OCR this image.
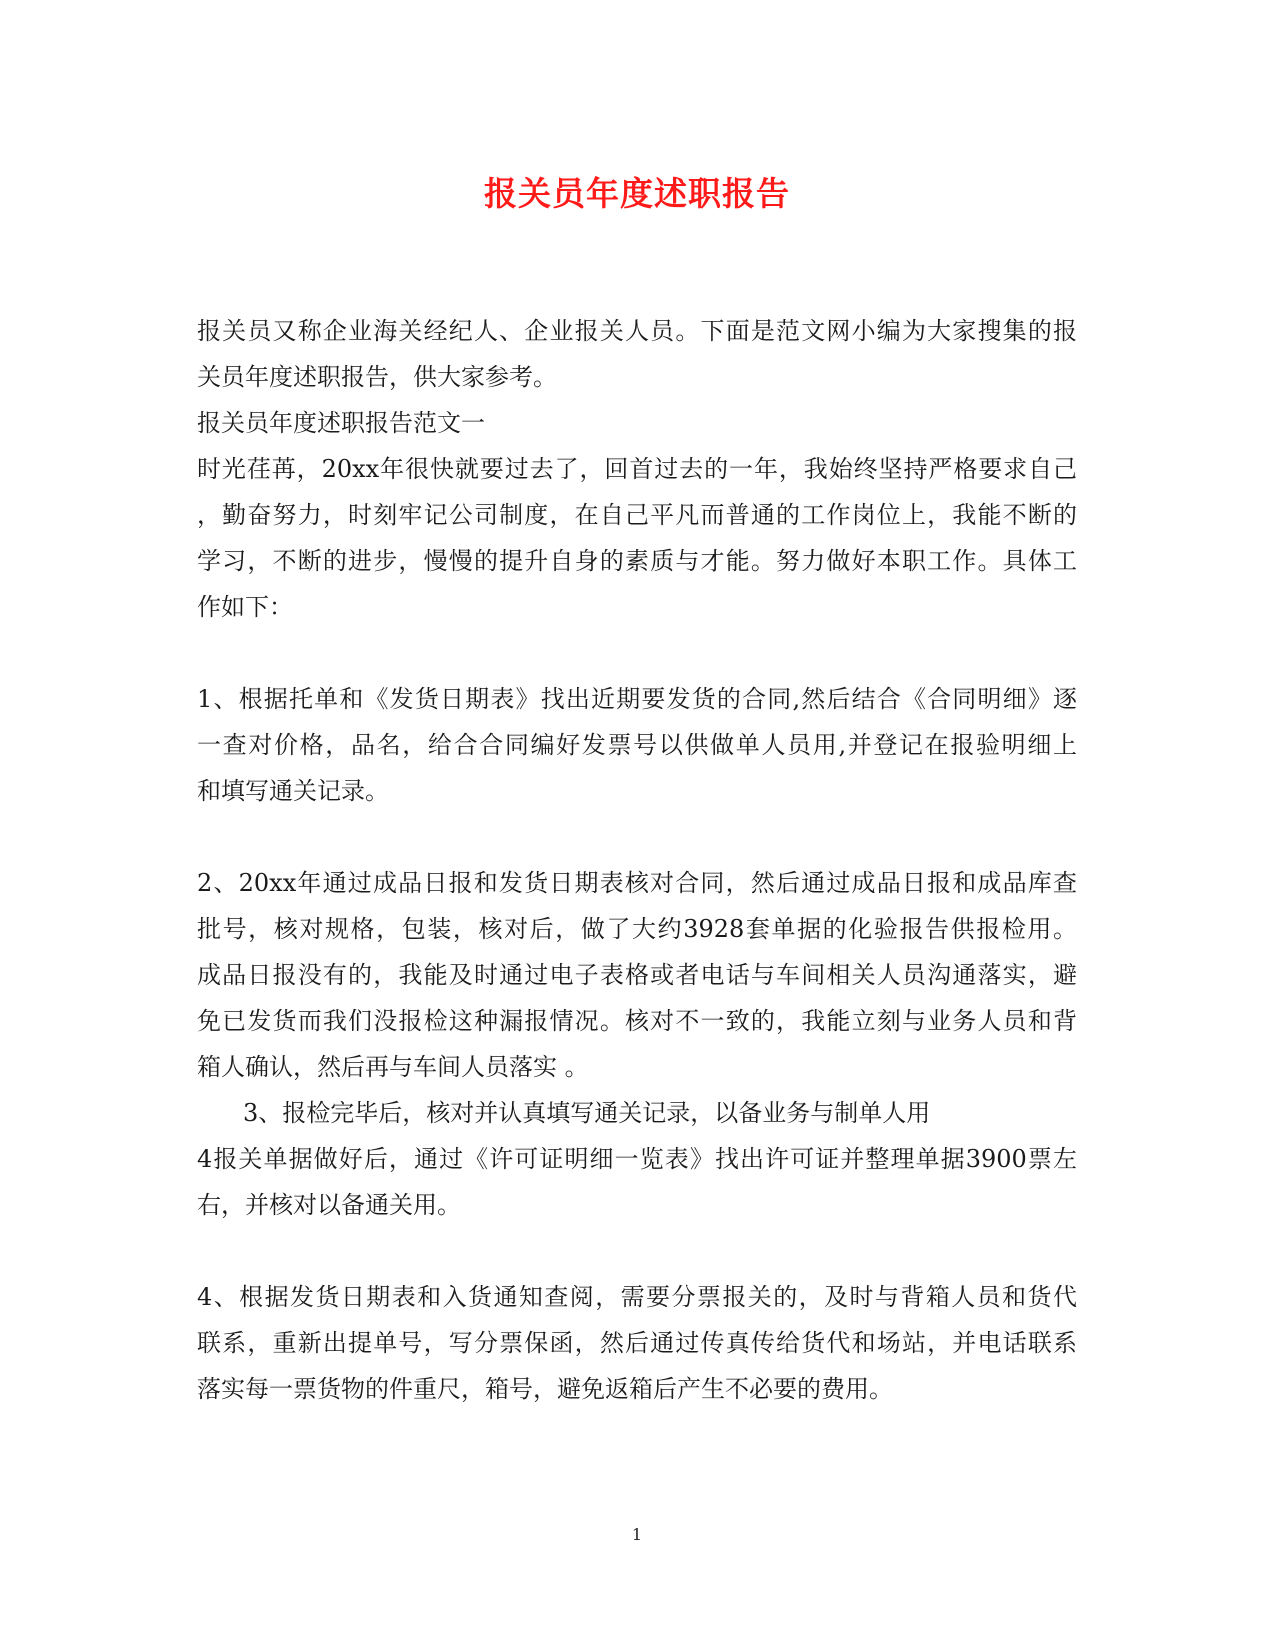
报关员年度述职报告
报关员又称企业海关经纪人、企业报关人员。下面是范文网小编为大家搜集的报
关员年度述职报告，供大家参考。
报关员年度述职报告范文一
时光荏苒，20xx年很快就要过去了，回首过去的一年，我始终坚持严格要求自己
，勤奋努力，时刻牢记公司制度，在自己平凡而普通的工作岗位上，我能不断的
学习，不断的进步，慢慢的提升自身的素质与才能。努力做好本职工作。具体工
作如下：
1、根据托单和《发货日期表》找出近期要发货的合同,然后结合《合同明细》逐
一查对价格，品名，给合合同编好发票号以供做单人员用,并登记在报验明细上
和填写通关记录。
2、20xx年通过成品日报和发货日期表核对合同，然后通过成品日报和成品库查
批号，核对规格，包装，核对后，做了大约3928套单据的化验报告供报检用。
成品日报没有的，我能及时通过电子表格或者电话与车间相关人员沟通落实，避
免已发货而我们没报检这种漏报情况。核对不一致的，我能立刻与业务人员和背
箱人确认，然后再与车间人员落实 。
3、报检完毕后，核对并认真填写通关记录，以备业务与制单人用
4报关单据做好后，通过《许可证明细一览表》找出许可证并整理单据3900票左
右，并核对以备通关用。
4、根据发货日期表和入货通知查阅，需要分票报关的，及时与背箱人员和货代
联系，重新出提单号，写分票保函，然后通过传真传给货代和场站，并电话联系
落实每一票货物的件重尺，箱号，避免返箱后产生不必要的费用。
1
